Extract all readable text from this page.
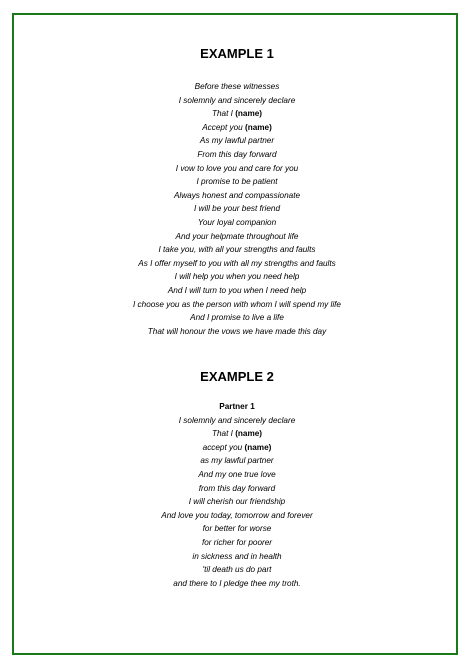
EXAMPLE 1
Before these witnesses
I solemnly and sincerely declare
That I (name)
Accept you (name)
As my lawful partner
From this day forward
I vow to love you and care for you
I promise to be patient
Always honest and compassionate
I will be your best friend
Your loyal companion
And your helpmate throughout life
I take you, with all your strengths and faults
As I offer myself to you with all my strengths and faults
I will help you when you need help
And I will turn to you when I need help
I choose you as the person with whom I will spend my life
And I promise to live a life
That will honour the vows we have made this day
EXAMPLE 2
Partner 1
I solemnly and sincerely declare
That I (name)
accept you (name)
as my lawful partner
And my one true love
from this day forward
I will cherish our friendship
And love you today, tomorrow and forever
for better for worse
for richer for poorer
in sickness and in health
'til death us do part
and there to I pledge thee my troth.
